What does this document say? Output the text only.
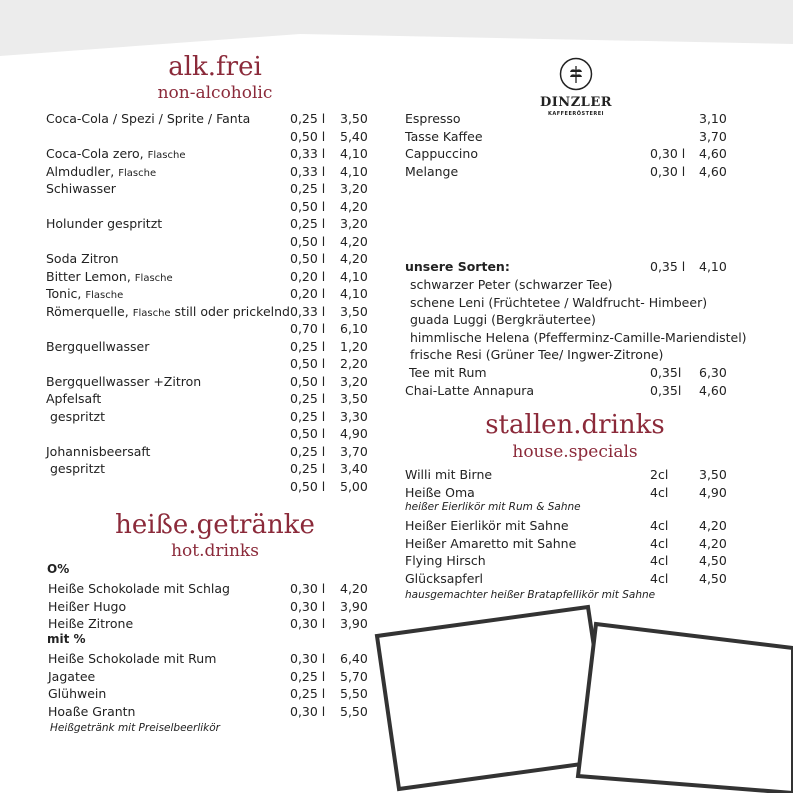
alk.frei
non-alcoholic
Coca-Cola / Spezi / Sprite / Fanta	0,25 l 3,50
0,50 l 5,40
Coca-Cola zero, Flasche	0,33 l 4,10
Almdudler, Flasche	0,33 l 4,10
Schiwasser	0,25 l 3,20
0,50 l 4,20
Holunder gespritzt	0,25 l 3,20
0,50 l 4,20
Soda Zitron	0,50 l 4,20
Bitter Lemon, Flasche	0,20 l 4,10
Tonic, Flasche	0,20 l 4,10
Römerquelle, Flasche still oder prickelnd 0,33 l 3,50
0,70 l 6,10
Bergquellwasser	0,25 l 1,20
0,50 l 2,20
Bergquellwasser +Zitron	0,50 l 3,20
Apfelsaft	0,25 l 3,50
gespritzt	0,25 l 3,30
0,50 l 4,90
Johannisbeersaft	0,25 l 3,70
gespritzt	0,25 l 3,40
0,50 l 5,00
heiße.getränke
hot.drinks
O%
Heiße Schokolade mit Schlag	0,30 l 4,20
Heißer Hugo	0,30 l 3,90
Heiße Zitrone	0,30 l 3,90
mit %
Heiße Schokolade mit Rum	0,30 l 6,40
Jagatee	0,25 l 5,70
Glühwein	0,25 l 5,50
Hoaße Grantn	0,30 l 5,50
Heißgetränk mit Preiselbeerlikör
DINZLER
KAFFEERÖSTEREI
Espresso	3,10
Tasse Kaffee	3,70
Cappuccino	0,30 l 4,60
Melange	0,30 l 4,60
unsere Sorten:	0,35 l 4,10
schwarzer Peter (schwarzer Tee)
schene Leni (Früchtetee / Waldfrucht- Himbeer)
guada Luggi (Bergkräutertee)
himmlische Helena (Pfefferminz-Camille-Mariendistel)
frische Resi (Grüner Tee/ Ingwer-Zitrone)
Tee mit Rum	0,35l 6,30
Chai-Latte Annapura	0,35l 4,60
stallen.drinks
house.specials
Willi mit Birne	2cl 3,50
Heiße Oma	4cl 4,90
heißer Eierlikör mit Rum & Sahne
Heißer Eierlikör mit Sahne	4cl 4,20
Heißer Amaretto mit Sahne	4cl 4,20
Flying Hirsch	4cl 4,50
Glücksapferl	4cl 4,50
hausgemachter heißer Bratapfellikör mit Sahne
